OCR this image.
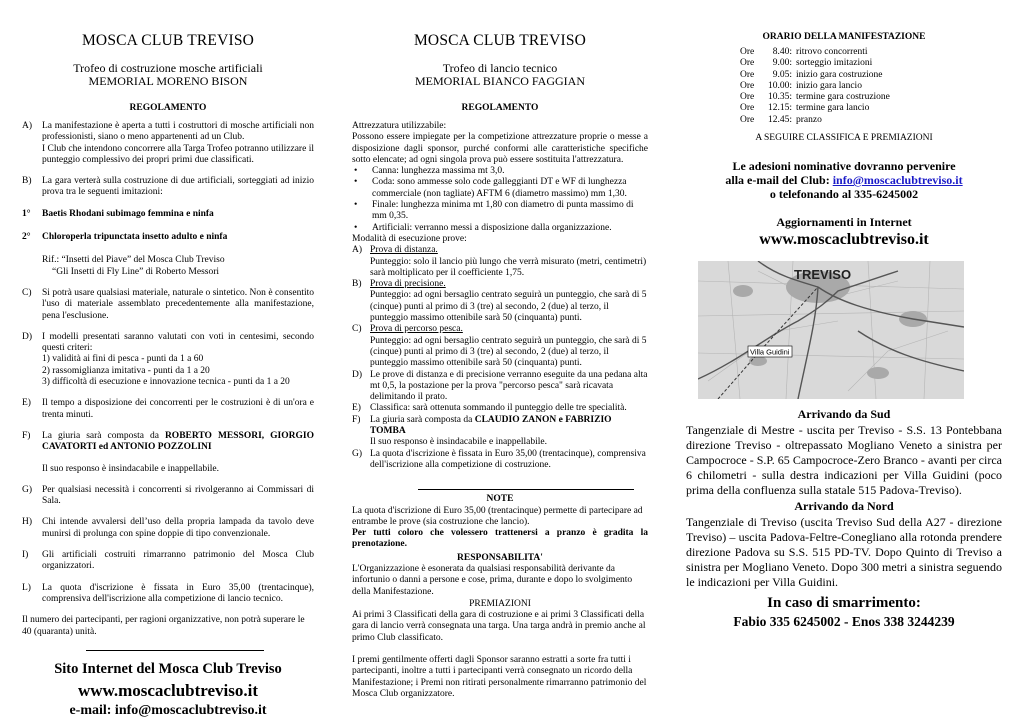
MOSCA CLUB TREVISO
Trofeo di costruzione mosche artificiali
MEMORIAL MORENO BISON
REGOLAMENTO
A)	La manifestazione è aperta a tutti i costruttori di mosche artificiali non professionisti, siano o meno appartenenti ad un Club.

I Club che intendono concorrere alla Targa Trofeo potranno utilizzare il punteggio complessivo dei propri primi due classificati.

B)	La gara verterà sulla costruzione di due artificiali, sorteggiati ad inizio prova tra le seguenti imitazioni:

1°	Baetis Rhodani subimago femmina e ninfa
2°	Chloroperla tripunctata insetto adulto e ninfa

Rif.: “Insetti del Piave” del Mosca Club Treviso

“Gli Insetti di Fly Line” di Roberto Messori

C)	Si potrà usare qualsiasi materiale, naturale o sintetico. Non è consentito l'uso di materiale assemblato precedentemente alla manifestazione, pena l'esclusione.

D)	I modelli presentati saranno valutati con voti in centesimi, secondo questi criteri:

1) validità ai fini di pesca - punti da 1 a 60

2) rassomiglianza imitativa - punti da 1 a 20

3) difficoltà di esecuzione e innovazione tecnica - punti da 1 a 20

E)	Il tempo a disposizione dei concorrenti per le costruzioni è di un'ora e trenta minuti.

F)	La giuria sarà composta da ROBERTO MESSORI, GIORGIO CAVATORTI ed ANTONIO POZZOLINI

Il suo responso è insindacabile e inappellabile.

G)	Per qualsiasi necessità i concorrenti si rivolgeranno ai Commissari di Sala.

H)	Chi intende avvalersi dell’uso della propria lampada da tavolo deve munirsi di prolunga con spine doppie di tipo convenzionale.

I)	Gli artificiali costruiti rimarranno patrimonio del Mosca Club organizzatori.

L)	La quota d'iscrizione è fissata in Euro 35,00 (trentacinque), comprensiva dell'iscrizione alla competizione di lancio tecnico.

Il numero dei partecipanti, per ragioni organizzative, non potrà superare le 40 (quaranta) unità.
Sito Internet del Mosca Club Treviso
www.moscaclubtreviso.it
e-mail: info@moscaclubtreviso.it
MOSCA CLUB TREVISO
Trofeo di lancio tecnico
MEMORIAL BIANCO FAGGIAN
REGOLAMENTO

Attrezzatura utilizzabile:

Possono essere impiegate per la competizione attrezzature proprie o messe a disposizione dagli sponsor, purché conformi alle caratteristiche specifiche sotto elencate; ad ogni singola prova può essere sostituita l'attrezzatura.

•	Canna: lunghezza massima mt 3,0.
•	Coda: sono ammesse solo code galleggianti DT e WF di lunghezza commerciale (non tagliate) AFTM 6 (diametro massimo) mm 1,30.
•	Finale: lunghezza minima mt 1,80 con diametro di punta massimo di mm 0,35.
•	Artificiali: verranno messi a disposizione dalla organizzazione.

Modalità di esecuzione prove:

A) Prova di distanza.

Punteggio: solo il lancio più lungo che verrà misurato (metri, centimetri) sarà moltiplicato per il coefficiente 1,75.

B) Prova di precisione.

Punteggio: ad ogni bersaglio centrato seguirà un punteggio, che sarà di 5 (cinque) punti al primo di 3 (tre) al secondo, 2 (due) al terzo, il punteggio massimo ottenibile sarà 50 (cinquanta) punti.

C) Prova di percorso pesca.

Punteggio: ad ogni bersaglio centrato seguirà un punteggio, che sarà di 5 (cinque) punti al primo di 3 (tre) al secondo, 2 (due) al terzo, il punteggio massimo ottenibile sarà 50 (cinquanta) punti.

D) Le prove di distanza e di precisione verranno eseguite da una pedana alta mt 0,5, la postazione per la prova "percorso pesca" sarà ricavata delimitando il prato.

E) Classifica: sarà ottenuta sommando il punteggio delle tre specialità.

F)	La giuria sarà composta da CLAUDIO ZANON e FABRIZIO TOMBA

Il suo responso è insindacabile e inappellabile.

G) La quota d'iscrizione è fissata in Euro 35,00 (trentacinque), comprensiva dell'iscrizione alla competizione di costruzione.

NOTE

La quota d'iscrizione di Euro 35,00 (trentacinque) permette di partecipare ad entrambe le prove (sia costruzione che lancio).

Per tutti coloro che volessero trattenersi a pranzo è gradita la prenotazione.

RESPONSABILITA'

L'Organizzazione è esonerata da qualsiasi responsabilità derivante da infortunio o danni a persone e cose, prima, durante e dopo lo svolgimento della Manifestazione.

PREMIAZIONI

Ai primi 3 Classificati della gara di costruzione e ai primi 3 Classificati della gara di lancio verrà consegnata una targa. Una targa andrà in premio anche al primo Club classificato.

I premi gentilmente offerti dagli Sponsor saranno estratti a sorte fra tutti i partecipanti, inoltre a tutti i partecipanti verrà consegnato un ricordo della Manifestazione; i Premi non ritirati personalmente rimarranno patrimonio del Mosca Club organizzatore.

ORARIO DELLA MANIFESTAZIONE
Ore	8.40: ritrovo concorrenti
Ore	9.00: sorteggio imitazioni
Ore	9.05: inizio gara costruzione
Ore	10.00: inizio gara lancio
Ore	10.35: termine gara costruzione
Ore	12.15: termine gara lancio
Ore	12.45: pranzo
A SEGUIRE CLASSIFICA E PREMIAZIONI
Le adesioni nominative dovranno pervenire
alla e-mail del Club: info@moscaclubtreviso.it
o telefonando al 335-6245002
Aggiornamenti in Internet
www.moscaclubtreviso.it
TREVISO
Villa Guidini
Arrivando da Sud
Tangenziale di Mestre - uscita per Treviso - S.S. 13 Pontebbana direzione Treviso - oltrepassato Mogliano Veneto a sinistra per Campocroce - S.P. 65 Campocroce-Zero Branco - avanti per circa 6 chilometri - sulla destra indicazioni per Villa Guidini (poco prima della confluenza sulla statale 515 Padova-Treviso).
Arrivando da Nord
Tangenziale di Treviso (uscita Treviso Sud della A27 - direzione Treviso) – uscita Padova-Feltre-Conegliano alla rotonda prendere direzione Padova su S.S. 515 PD-TV. Dopo Quinto di Treviso a sinistra per Mogliano Veneto. Dopo 300 metri a sinistra seguendo le indicazioni per Villa Guidini.
In caso di smarrimento:
Fabio 335 6245002 - Enos 338 3244239
